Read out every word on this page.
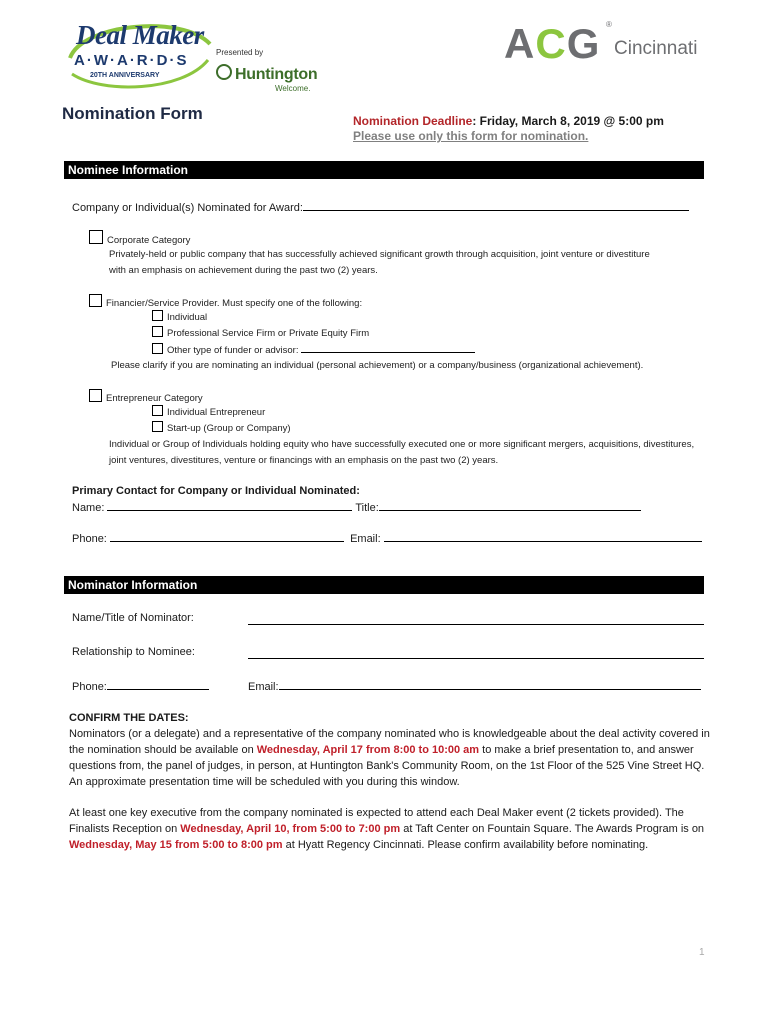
Deal Maker
A·W·A·R·D·S
20TH ANNIVERSARY
Presented by
Huntington
Welcome.
ACG ®
Cincinnati
Nomination Form	Nomination Deadline: Friday, March 8, 2019 @ 5:00 pm
Please use only this form for nomination.
Nominee Information
Company or Individual(s) Nominated for Award:
Corporate Category
Privately-held or public company that has successfully achieved significant growth through acquisition, joint venture or divestiture
with an emphasis on achievement during the past two (2) years.
Financier/Service Provider. Must specify one of the following:
Individual
Professional Service Firm or Private Equity Firm
Other type of funder or advisor:
Please clarify if you are nominating an individual (personal achievement) or a company/business (organizational achievement).
Entrepreneur Category
Individual Entrepreneur
Start-up (Group or Company)
Individual or Group of Individuals holding equity who have successfully executed one or more significant mergers, acquisitions, divestitures,
joint ventures, divestitures, venture or financings with an emphasis on the past two (2) years.
Primary Contact for Company or Individual Nominated:
Name:	Title:
Phone:	Email:
Nominator Information
Name/Title of Nominator:
Relationship to Nominee:
Phone:	Email:
CONFIRM THE DATES:
Nominators (or a delegate) and a representative of the company nominated who is knowledgeable about the deal activity covered in the nomination should be available on Wednesday, April 17 from 8:00 to 10:00 am to make a brief presentation to, and answer questions from, the panel of judges, in person, at Huntington Bank's Community Room, on the 1st Floor of the 525 Vine Street HQ. An approximate presentation time will be scheduled with you during this window.
At least one key executive from the company nominated is expected to attend each Deal Maker event (2 tickets provided). The Finalists Reception on Wednesday, April 10, from 5:00 to 7:00 pm at Taft Center on Fountain Square. The Awards Program is on Wednesday, May 15 from 5:00 to 8:00 pm at Hyatt Regency Cincinnati. Please confirm availability before nominating.
1
